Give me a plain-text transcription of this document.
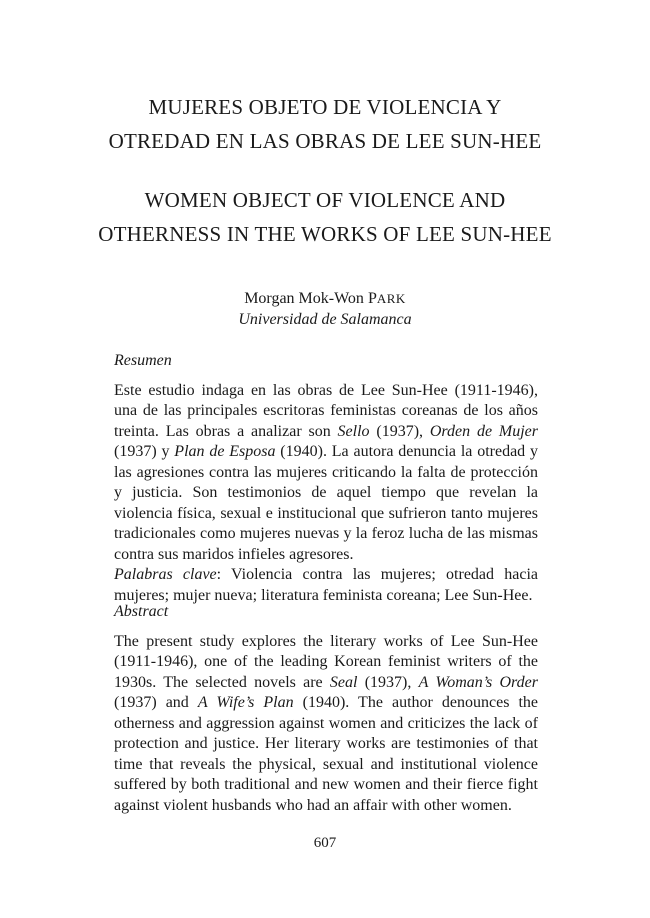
MUJERES OBJETO DE VIOLENCIA Y
OTREDAD EN LAS OBRAS DE LEE SUN-HEE
WOMEN OBJECT OF VIOLENCE AND
OTHERNESS IN THE WORKS OF LEE SUN-HEE
Morgan Mok-Won PARK
Universidad de Salamanca
Resumen
Este estudio indaga en las obras de Lee Sun-Hee (1911-1946), una de las principales escritoras feministas coreanas de los años treinta. Las obras a analizar son Sello (1937), Orden de Mujer (1937) y Plan de Esposa (1940). La autora denuncia la otredad y las agresiones contra las mujeres criticando la falta de protección y justicia. Son testimonios de aquel tiempo que revelan la violencia física, sexual e institucional que sufrieron tanto mujeres tradicionales como mujeres nuevas y la feroz lucha de las mismas contra sus maridos infieles agresores.
Palabras clave: Violencia contra las mujeres; otredad hacia mujeres; mujer nueva; literatura feminista coreana; Lee Sun-Hee.
Abstract
The present study explores the literary works of Lee Sun-Hee (1911-1946), one of the leading Korean feminist writers of the 1930s. The selected novels are Seal (1937), A Woman’s Order (1937) and A Wife’s Plan (1940). The author denounces the otherness and aggression against women and criticizes the lack of protection and justice. Her literary works are testimonies of that time that reveals the physical, sexual and institutional violence suffered by both traditional and new women and their fierce fight against violent husbands who had an affair with other women.
607
